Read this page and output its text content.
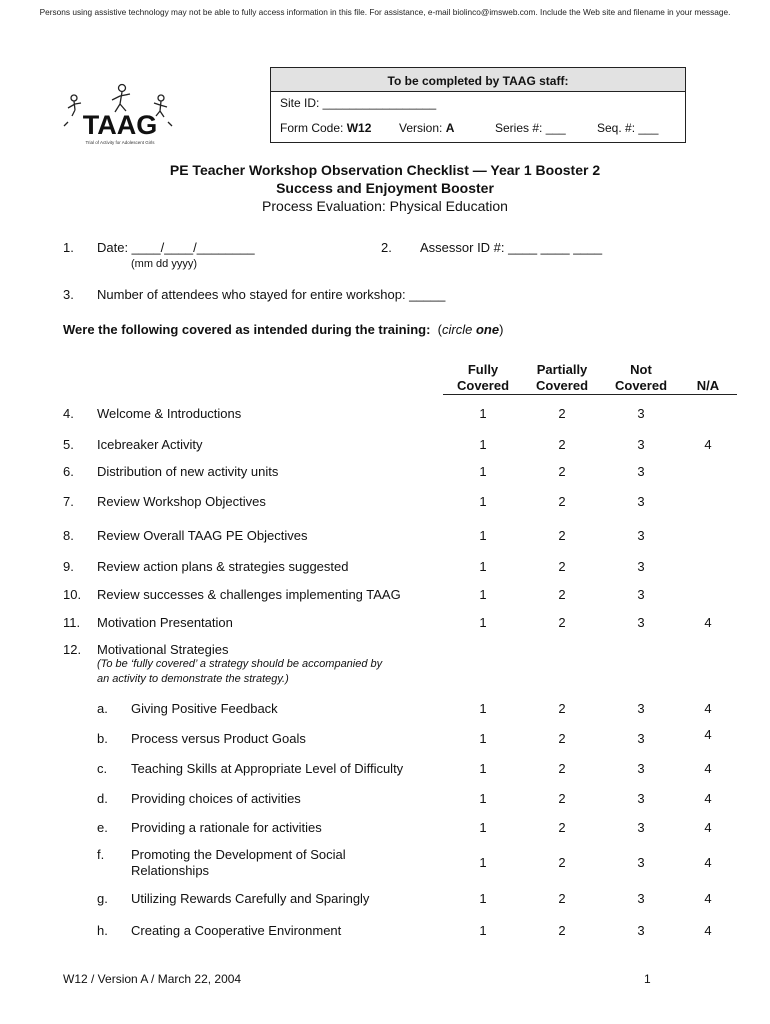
Persons using assistive technology may not be able to fully access information in this file. For assistance, e-mail biolinco@imsweb.com. Include the Web site and filename in your message.
TAAG
Trial of Activity for Adolescent Girls
To be completed by TAAG staff:
Site ID: _________________
Form Code: W12 Version: A	Series #: ___	Seq. #: ___
PE Teacher Workshop Observation Checklist — Year 1 Booster 2
Success and Enjoyment Booster
Process Evaluation: Physical Education
1. Date: ____/____/________
(mm dd yyyy)
2. Assessor ID #: ____ ____ ____
3. Number of attendees who stayed for entire workshop: _____
Were the following covered as intended during the training: (circle one)
Fully
Covered
Partially
Covered
Not
Covered	N/A
4. Welcome & Introductions	1	2	3
5. Icebreaker Activity	1	2	3	4
6. Distribution of new activity units	1	2	3
7. Review Workshop Objectives	1	2	3
8. Review Overall TAAG PE Objectives	1	2	3
9. Review action plans & strategies suggested	1	2	3
10. Review successes & challenges implementing TAAG	1	2	3
11. Motivation Presentation	1	2	3	4
12. Motivational Strategies
(To be ‘fully covered’ a strategy should be accompanied by
an activity to demonstrate the strategy.)
a. Giving Positive Feedback	1	2	3	4
b. Process versus Product Goals	1	2	3	4
c. Teaching Skills at Appropriate Level of Difficulty	1	2	3	4
d. Providing choices of activities	1	2	3	4
e. Providing a rationale for activities	1	2	3	4
f. Promoting the Development of Social
Relationships
1	2	3	4
g. Utilizing Rewards Carefully and Sparingly	1	2	3	4
h. Creating a Cooperative Environment	1	2	3	4
W12 / Version A / March 22, 2004	1
